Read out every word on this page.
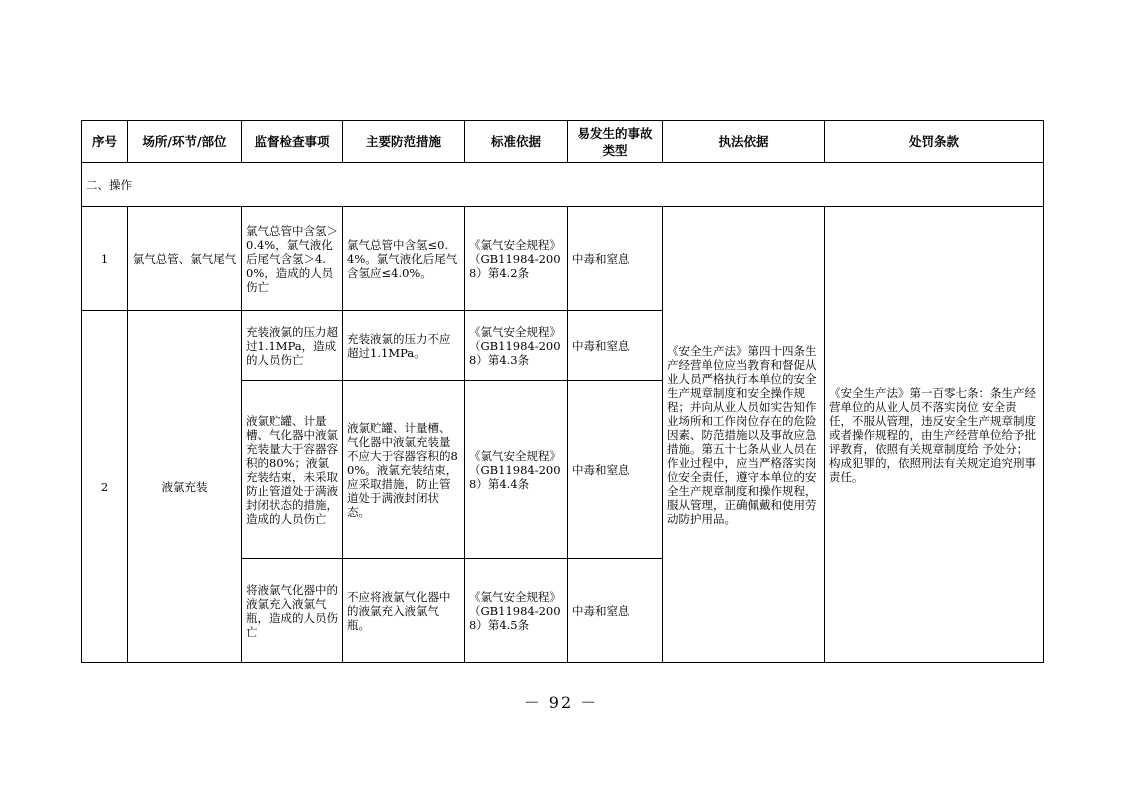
序号	场所/环节/部位	监督检查事项	主要防范措施	标准依据	易发生的事故类型	执法依据	处罚条款
二、操作							
1	氯气总管、氯气尾气	氯气总管中含氢＞0.4%，氯气液化后尾气含氢＞4.0%，造成的人员伤亡	氯气总管中含氢≤0.4%。氯气液化后尾气含氢应≤4.0%。	《氯气安全规程》（GB11984-2008）第4.2条	中毒和窒息	《安全生产法》第四十四条生产经营单位应当教育和督促从业人员严格执行本单位的安全生产规章制度和安全操作规程；并向从业人员如实告知作业场所和工作岗位存在的危险因素、防范措施以及事故应急措施。第五十七条从业人员在作业过程中，应当严格落实岗位安全责任，遵守本单位的安全生产规章制度和操作规程，服从管理，正确佩戴和使用劳动防护用品。	《安全生产法》第一百零七条：条生产经营单位的从业人员不落实岗位 安全责任，不服从管理，违反安全生产规章制度或者操作规程的，由生产经营单位给予批评教育，依照有关规章制度给 予处分；构成犯罪的，依照刑法有关规定追究刑事责任。
2	液氯充装	充装液氯的压力超过1.1MPa，造成的人员伤亡	充装液氯的压力不应超过1.1MPa。	《氯气安全规程》（GB11984-2008）第4.3条	中毒和窒息		
		液氯贮罐、计量槽、气化器中液氯充装量大于容器容积的80%；液氯充装结束，未采取防止管道处于满液封闭状态的措施，造成的人员伤亡	液氯贮罐、计量槽、气化器中液氯充装量不应大于容器容积的80%。液氯充装结束，应采取措施，防止管道处于满液封闭状态。	《氯气安全规程》（GB11984-2008）第4.4条	中毒和窒息		
		将液氯气化器中的液氯充入液氯气瓶，造成的人员伤亡	不应将液氯气化器中的液氯充入液氯气瓶。	《氯气安全规程》（GB11984-2008）第4.5条	中毒和窒息		
－ 92 －
